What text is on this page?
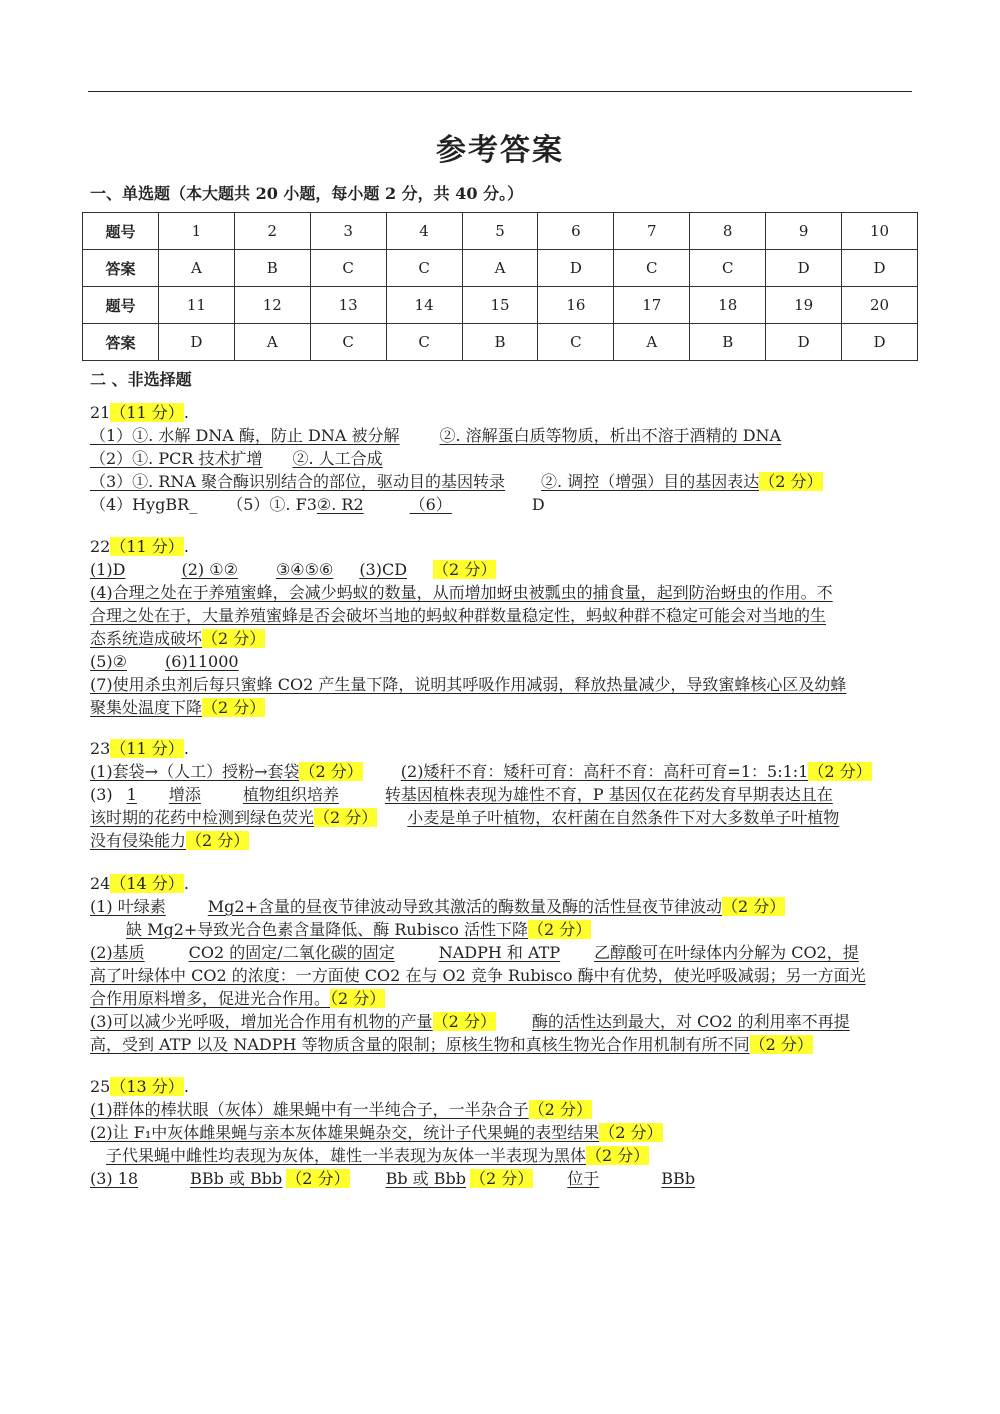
参考答案
一、单选题（本大题共 20 小题，每小题 2 分，共 40 分。）
题号	1	2	3	4	5	6	7	8	9	10
答案	A	B	C	C	A	D	C	C	D	D
题号	11	12	13	14	15	16	17	18	19	20
答案	D	A	C	C	B	C	A	B	D	D
二 、非选择题
21（11 分）.
（1）①. 水解 DNA 酶，防止 DNA 被分解	②. 溶解蛋白质等物质，析出不溶于酒精的 DNA
（2）①. PCR 技术扩增 ②. 人工合成
（3）①. RNA 聚合酶识别结合的部位，驱动目的基因转录 ②. 调控（增强）目的基因表达（2 分）
（4）HygBR_ （5）①. F3②. R2	（6）	D
22（11 分）.
(1)D	(2) ①② ③④⑤⑥ (3)CD （2 分）
(4)合理之处在于养殖蜜蜂，会减少蚂蚁的数量，从而增加蚜虫被瓢虫的捕食量，起到防治蚜虫的作用。不
合理之处在于，大量养殖蜜蜂是否会破坏当地的蚂蚁种群数量稳定性，蚂蚁种群不稳定可能会对当地的生
态系统造成破坏（2 分）
(5)② (6)11000
(7)使用杀虫剂后每只蜜蜂 CO2 产生量下降，说明其呼吸作用减弱，释放热量减少，导致蜜蜂核心区及幼蜂
聚集处温度下降（2 分）
23（11 分）.
(1)套袋→（人工）授粉→套袋（2 分） (2)矮秆不育：矮秆可育：高秆不育：高秆可育=1：5:1:1（2 分）
(3) 1 增添	植物组织培养	转基因植株表现为雄性不育，P 基因仅在花药发育早期表达且在
该时期的花药中检测到绿色荧光（2 分） 小麦是单子叶植物，农杆菌在自然条件下对大多数单子叶植物
没有侵染能力（2 分）
24（14 分）.
(1) 叶绿素	Mg2+含量的昼夜节律波动导致其激活的酶数量及酶的活性昼夜节律波动（2 分）
缺 Mg2+导致光合色素含量降低、酶 Rubisco 活性下降（2 分）
(2)基质	CO2 的固定/二氧化碳的固定	NADPH 和 ATP 乙醇酸可在叶绿体内分解为 CO2，提
高了叶绿体中 CO2 的浓度：一方面使 CO2 在与 O2 竞争 Rubisco 酶中有优势，使光呼吸减弱；另一方面光
合作用原料增多，促进光合作用。（2 分）
(3)可以减少光呼吸，增加光合作用有机物的产量（2 分） 酶的活性达到最大，对 CO2 的利用率不再提
高，受到 ATP 以及 NADPH 等物质含量的限制；原核生物和真核生物光合作用机制有所不同（2 分）
25（13 分）.
(1)群体的棒状眼（灰体）雄果蝇中有一半纯合子，一半杂合子（2 分）
(2)让 F₁中灰体雌果蝇与亲本灰体雄果蝇杂交，统计子代果蝇的表型结果（2 分）
子代果蝇中雌性均表现为灰体，雄性一半表现为灰体一半表现为黑体（2 分）
(3) 18	BBb 或 Bbb （2 分） Bb 或 Bbb （2 分） 位于	BBb
